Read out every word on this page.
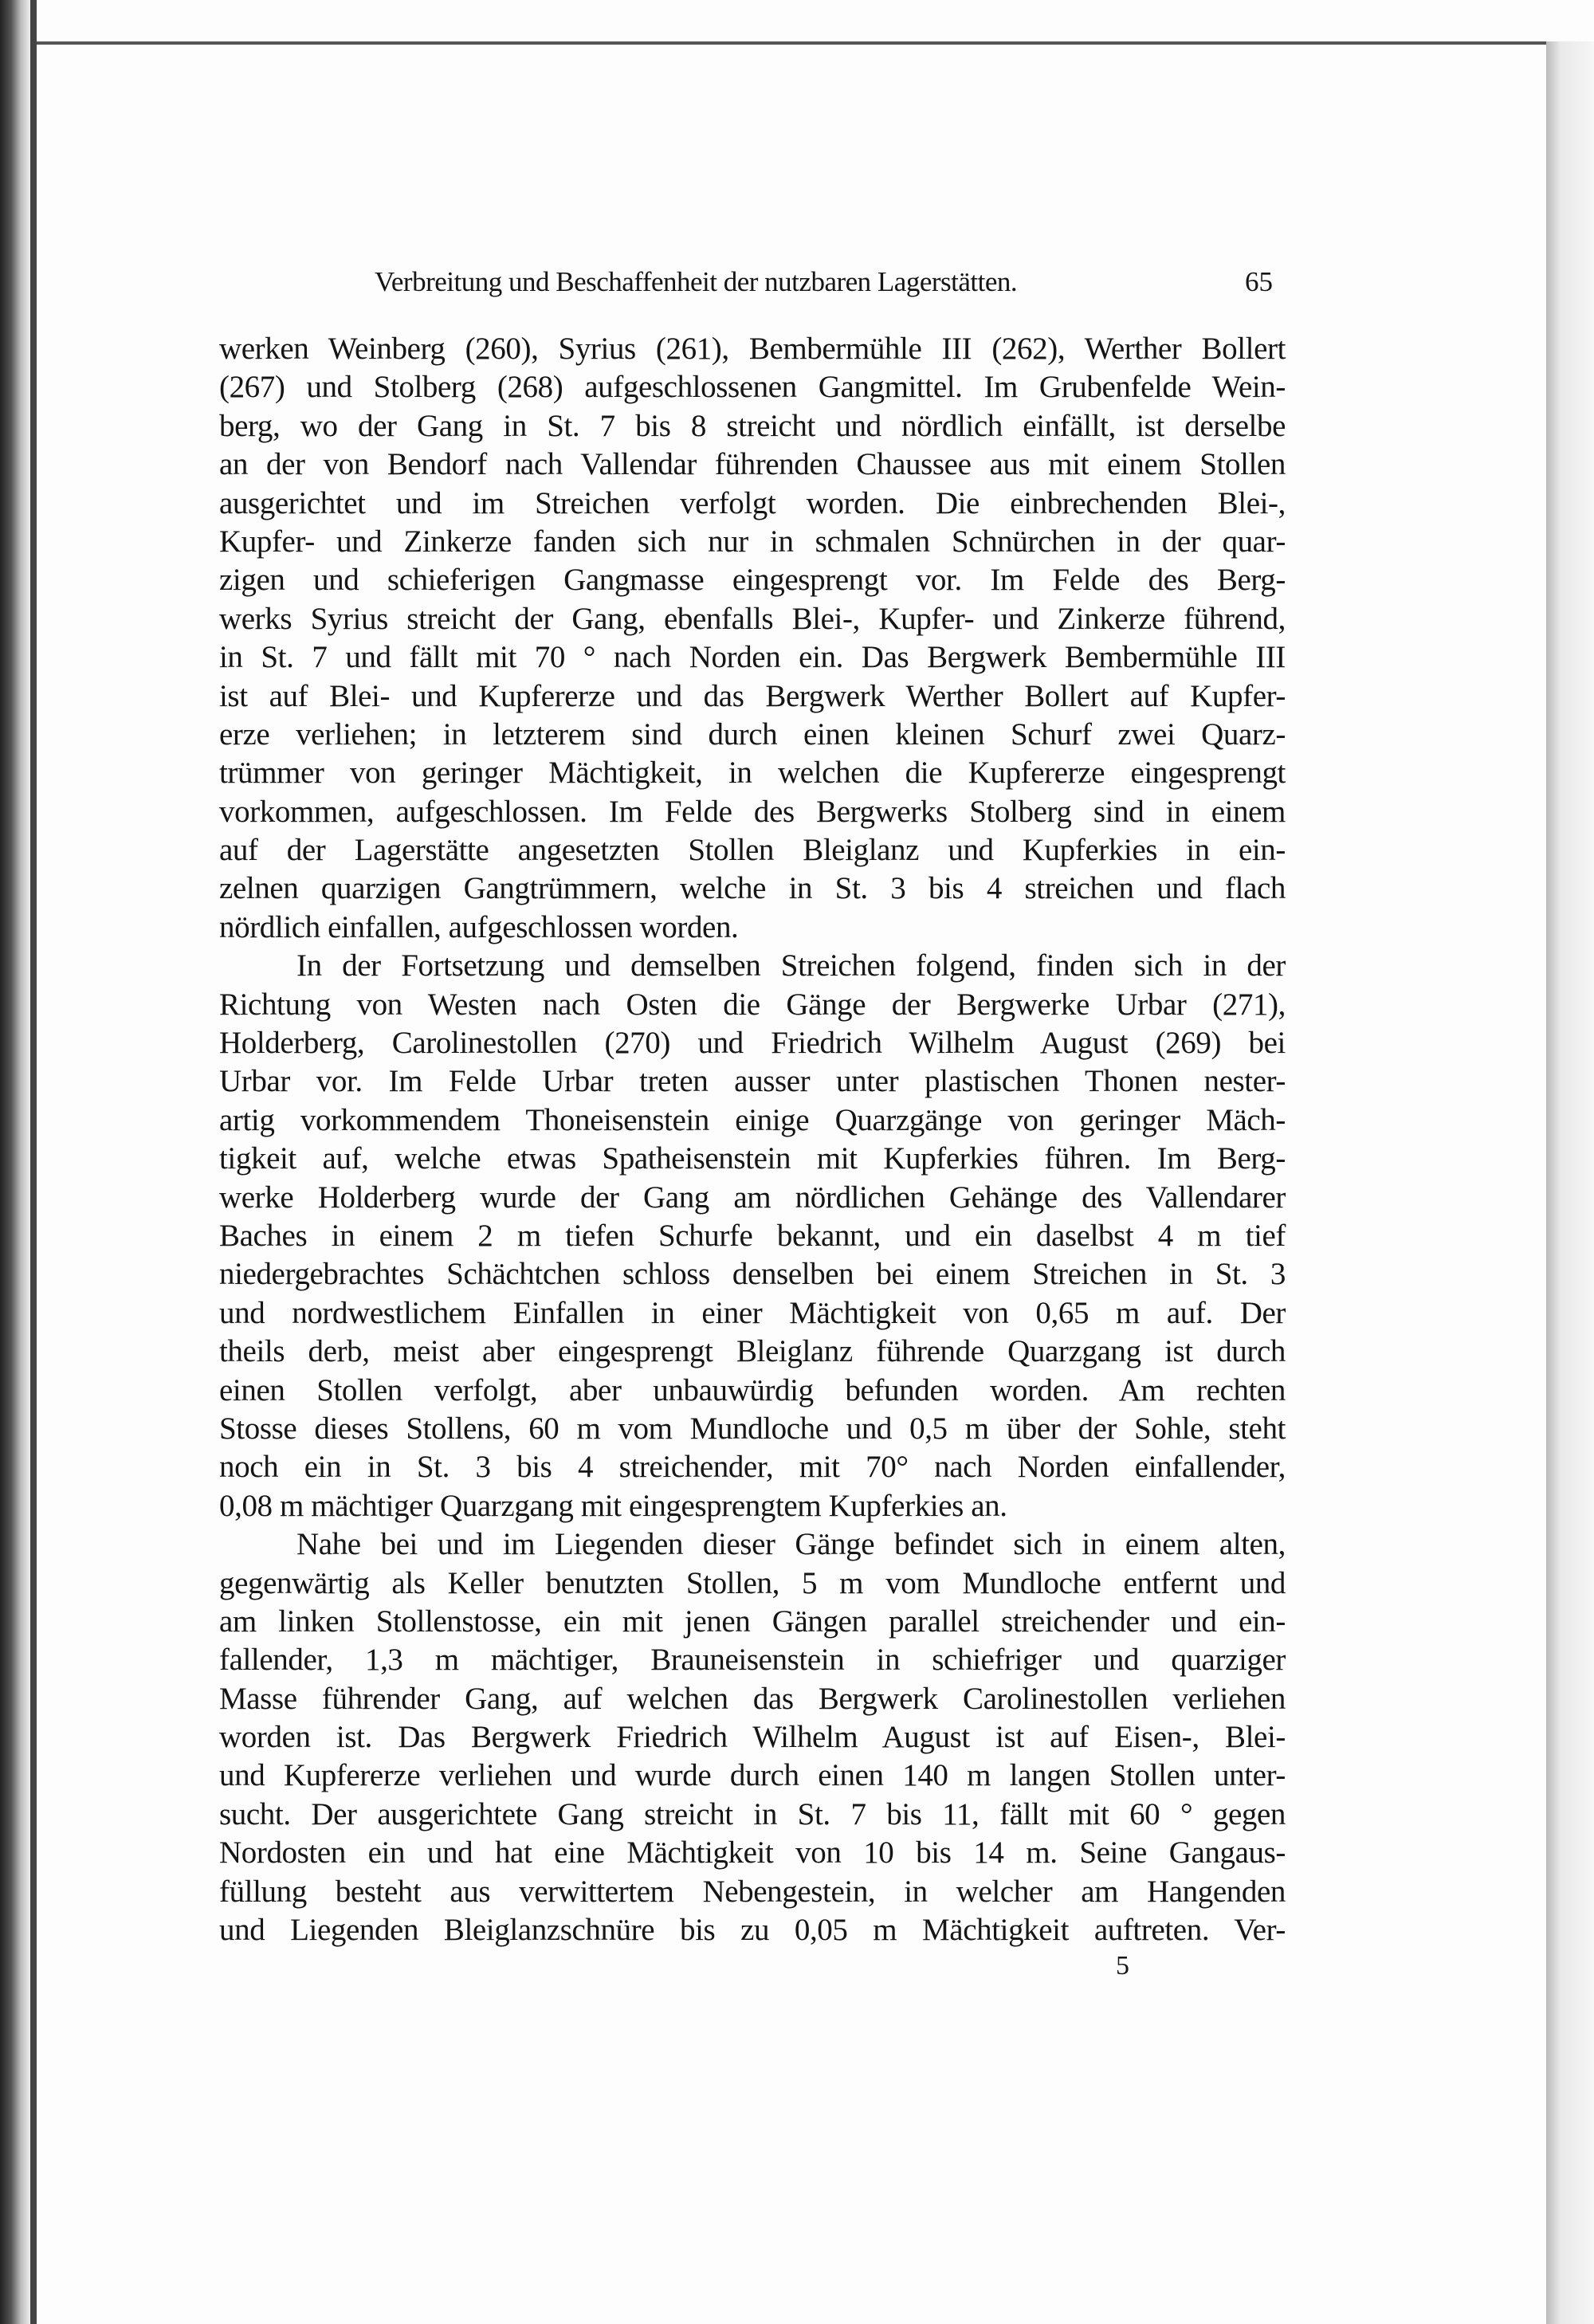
Verbreitung und Beschaffenheit der nutzbaren Lagerstätten.	65
werken Weinberg (260), Syrius (261), Bembermühle III (262), Werther Bollert
(267) und Stolberg (268) aufgeschlossenen Gangmittel. Im Grubenfelde Wein-
berg, wo der Gang in St. 7 bis 8 streicht und nördlich einfällt, ist derselbe
an der von Bendorf nach Vallendar führenden Chaussee aus mit einem Stollen
ausgerichtet und im Streichen verfolgt worden. Die einbrechenden Blei-,
Kupfer- und Zinkerze fanden sich nur in schmalen Schnürchen in der quar-
zigen und schieferigen Gangmasse eingesprengt vor. Im Felde des Berg-
werks Syrius streicht der Gang, ebenfalls Blei-, Kupfer- und Zinkerze führend,
in St. 7 und fällt mit 70 ° nach Norden ein. Das Bergwerk Bembermühle III
ist auf Blei- und Kupfererze und das Bergwerk Werther Bollert auf Kupfer-
erze verliehen; in letzterem sind durch einen kleinen Schurf zwei Quarz-
trümmer von geringer Mächtigkeit, in welchen die Kupfererze eingesprengt
vorkommen, aufgeschlossen. Im Felde des Bergwerks Stolberg sind in einem
auf der Lagerstätte angesetzten Stollen Bleiglanz und Kupferkies in ein-
zelnen quarzigen Gangtrümmern, welche in St. 3 bis 4 streichen und flach
nördlich einfallen, aufgeschlossen worden.
In der Fortsetzung und demselben Streichen folgend, finden sich in der
Richtung von Westen nach Osten die Gänge der Bergwerke Urbar (271),
Holderberg, Carolinestollen (270) und Friedrich Wilhelm August (269) bei
Urbar vor. Im Felde Urbar treten ausser unter plastischen Thonen nester-
artig vorkommendem Thoneisenstein einige Quarzgänge von geringer Mäch-
tigkeit auf, welche etwas Spatheisenstein mit Kupferkies führen. Im Berg-
werke Holderberg wurde der Gang am nördlichen Gehänge des Vallendarer
Baches in einem 2 m tiefen Schurfe bekannt, und ein daselbst 4 m tief
niedergebrachtes Schächtchen schloss denselben bei einem Streichen in St. 3
und nordwestlichem Einfallen in einer Mächtigkeit von 0,65 m auf. Der
theils derb, meist aber eingesprengt Bleiglanz führende Quarzgang ist durch
einen Stollen verfolgt, aber unbauwürdig befunden worden. Am rechten
Stosse dieses Stollens, 60 m vom Mundloche und 0,5 m über der Sohle, steht
noch ein in St. 3 bis 4 streichender, mit 70° nach Norden einfallender,
0,08 m mächtiger Quarzgang mit eingesprengtem Kupferkies an.
Nahe bei und im Liegenden dieser Gänge befindet sich in einem alten,
gegenwärtig als Keller benutzten Stollen, 5 m vom Mundloche entfernt und
am linken Stollenstosse, ein mit jenen Gängen parallel streichender und ein-
fallender, 1,3 m mächtiger, Brauneisenstein in schiefriger und quarziger
Masse führender Gang, auf welchen das Bergwerk Carolinestollen verliehen
worden ist. Das Bergwerk Friedrich Wilhelm August ist auf Eisen-, Blei-
und Kupfererze verliehen und wurde durch einen 140 m langen Stollen unter-
sucht. Der ausgerichtete Gang streicht in St. 7 bis 11, fällt mit 60 ° gegen
Nordosten ein und hat eine Mächtigkeit von 10 bis 14 m. Seine Gangaus-
füllung besteht aus verwittertem Nebengestein, in welcher am Hangenden
und Liegenden Bleiglanzschnüre bis zu 0,05 m Mächtigkeit auftreten. Ver-
5
